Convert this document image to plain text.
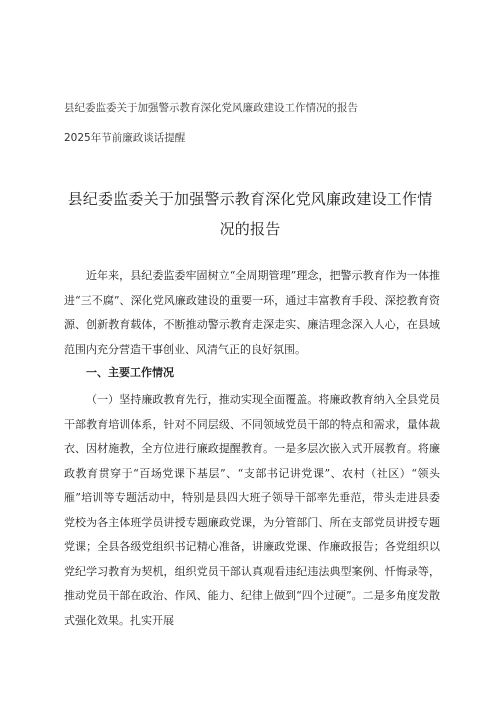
县纪委监委关于加强警示教育深化党风廉政建设工作情况的报告
2025年节前廉政谈话提醒
县纪委监委关于加强警示教育深化党风廉政建设工作情
况的报告
近年来，县纪委监委牢固树立“全周期管理”理念，把警示教育作为一体推进“三不腐”、深化党风廉政建设的重要一环，通过丰富教育手段、深挖教育资源、创新教育载体，不断推动警示教育走深走实、廉洁理念深入人心，在县域范围内充分营造干事创业、风清气正的良好氛围。
一、主要工作情况
（一）坚持廉政教育先行，推动实现全面覆盖。将廉政教育纳入全县党员干部教育培训体系，针对不同层级、不同领域党员干部的特点和需求，量体裁衣、因材施教，全方位进行廉政提醒教育。一是多层次嵌入式开展教育。将廉政教育贯穿于“百场党课下基层”、“支部书记讲党课”、农村（社区）“领头雁”培训等专题活动中，特别是县四大班子领导干部率先垂范，带头走进县委党校为各主体班学员讲授专题廉政党课，为分管部门、所在支部党员讲授专题党课；全县各级党组织书记精心准备，讲廉政党课、作廉政报告；各党组织以党纪学习教育为契机，组织党员干部认真观看违纪违法典型案例、忏悔录等，推动党员干部在政治、作风、能力、纪律上做到“四个过硬”。二是多角度发散式强化效果。扎实开展
